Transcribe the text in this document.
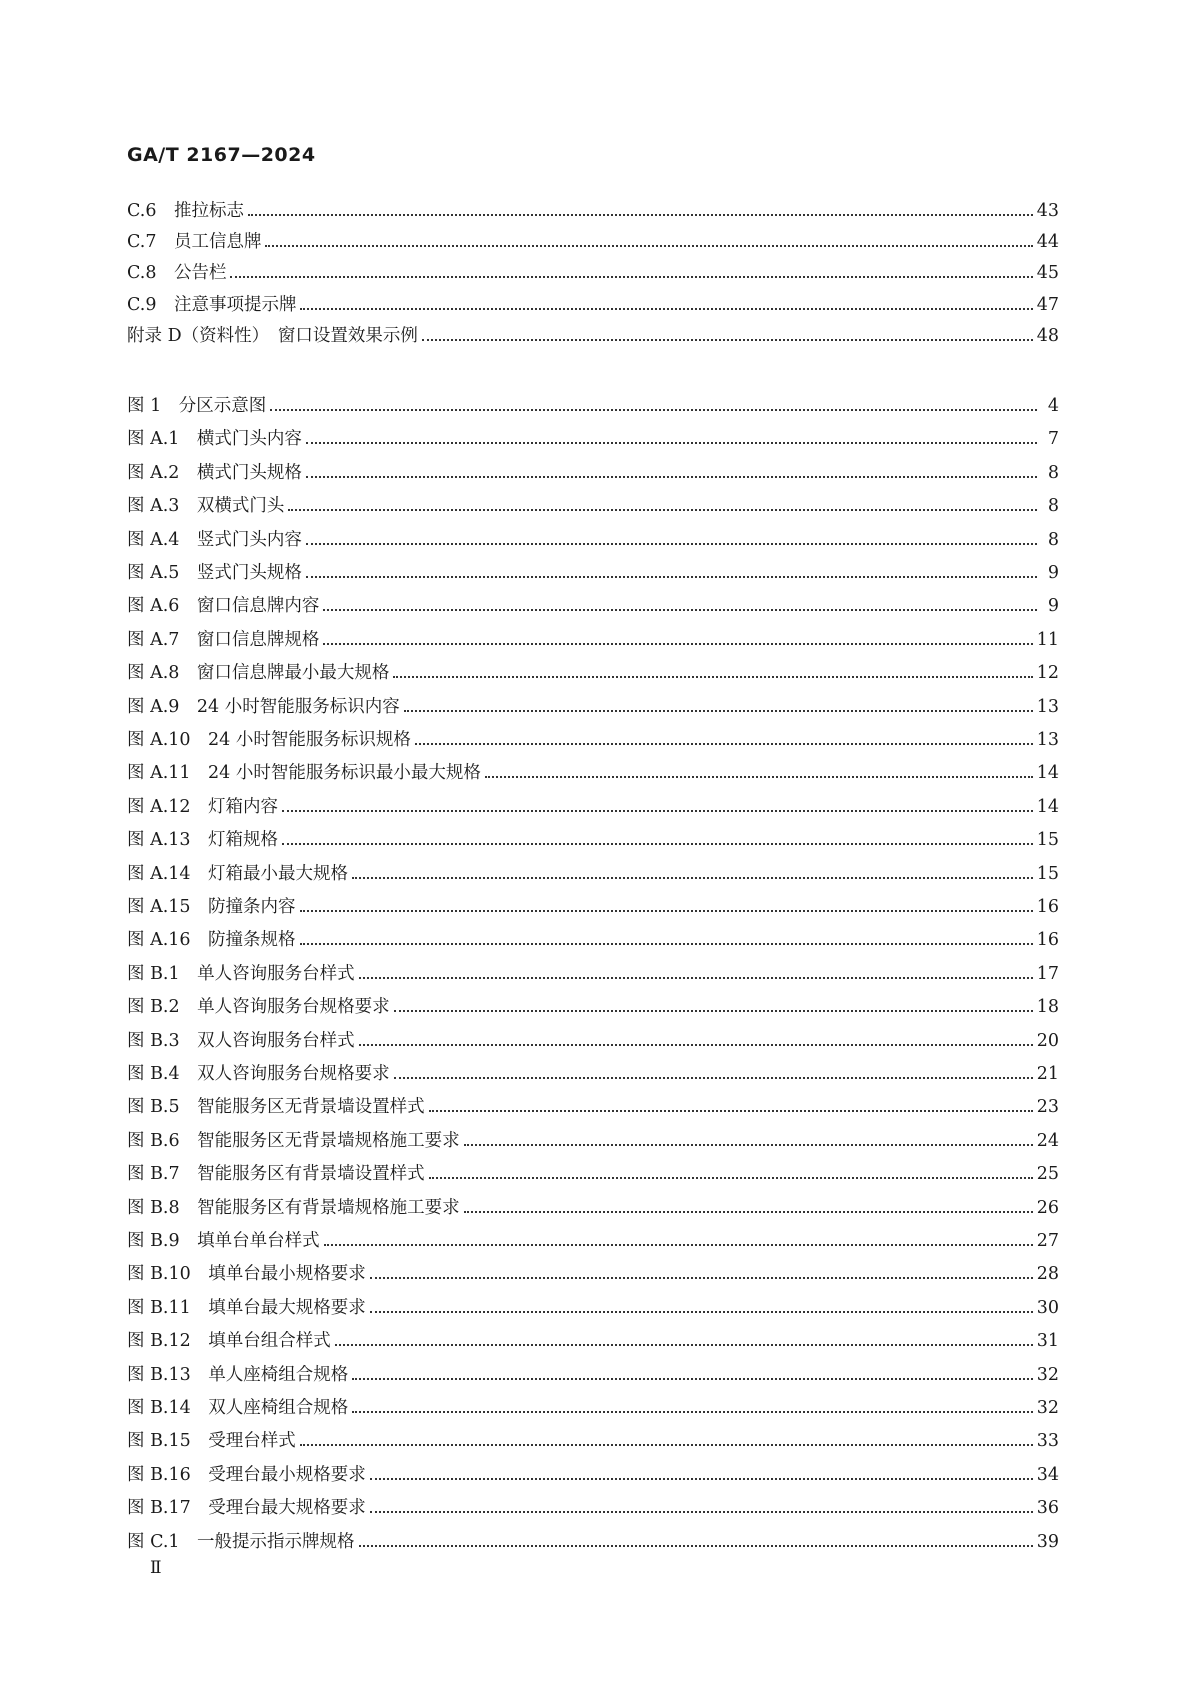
GA/T 2167—2024
C.6　推拉标志	43
C.7　员工信息牌	44
C.8　公告栏	45
C.9　注意事项提示牌	47
附录 D（资料性）　窗口设置效果示例	48
图 1　分区示意图	4
图 A.1　横式门头内容	7
图 A.2　横式门头规格	8
图 A.3　双横式门头	8
图 A.4　竖式门头内容	8
图 A.5　竖式门头规格	9
图 A.6　窗口信息牌内容	9
图 A.7　窗口信息牌规格	11
图 A.8　窗口信息牌最小最大规格	12
图 A.9　24 小时智能服务标识内容	13
图 A.10　24 小时智能服务标识规格	13
图 A.11　24 小时智能服务标识最小最大规格	14
图 A.12　灯箱内容	14
图 A.13　灯箱规格	15
图 A.14　灯箱最小最大规格	15
图 A.15　防撞条内容	16
图 A.16　防撞条规格	16
图 B.1　单人咨询服务台样式	17
图 B.2　单人咨询服务台规格要求	18
图 B.3　双人咨询服务台样式	20
图 B.4　双人咨询服务台规格要求	21
图 B.5　智能服务区无背景墙设置样式	23
图 B.6　智能服务区无背景墙规格施工要求	24
图 B.7　智能服务区有背景墙设置样式	25
图 B.8　智能服务区有背景墙规格施工要求	26
图 B.9　填单台单台样式	27
图 B.10　填单台最小规格要求	28
图 B.11　填单台最大规格要求	30
图 B.12　填单台组合样式	31
图 B.13　单人座椅组合规格	32
图 B.14　双人座椅组合规格	32
图 B.15　受理台样式	33
图 B.16　受理台最小规格要求	34
图 B.17　受理台最大规格要求	36
图 C.1　一般提示指示牌规格	39
Ⅱ
